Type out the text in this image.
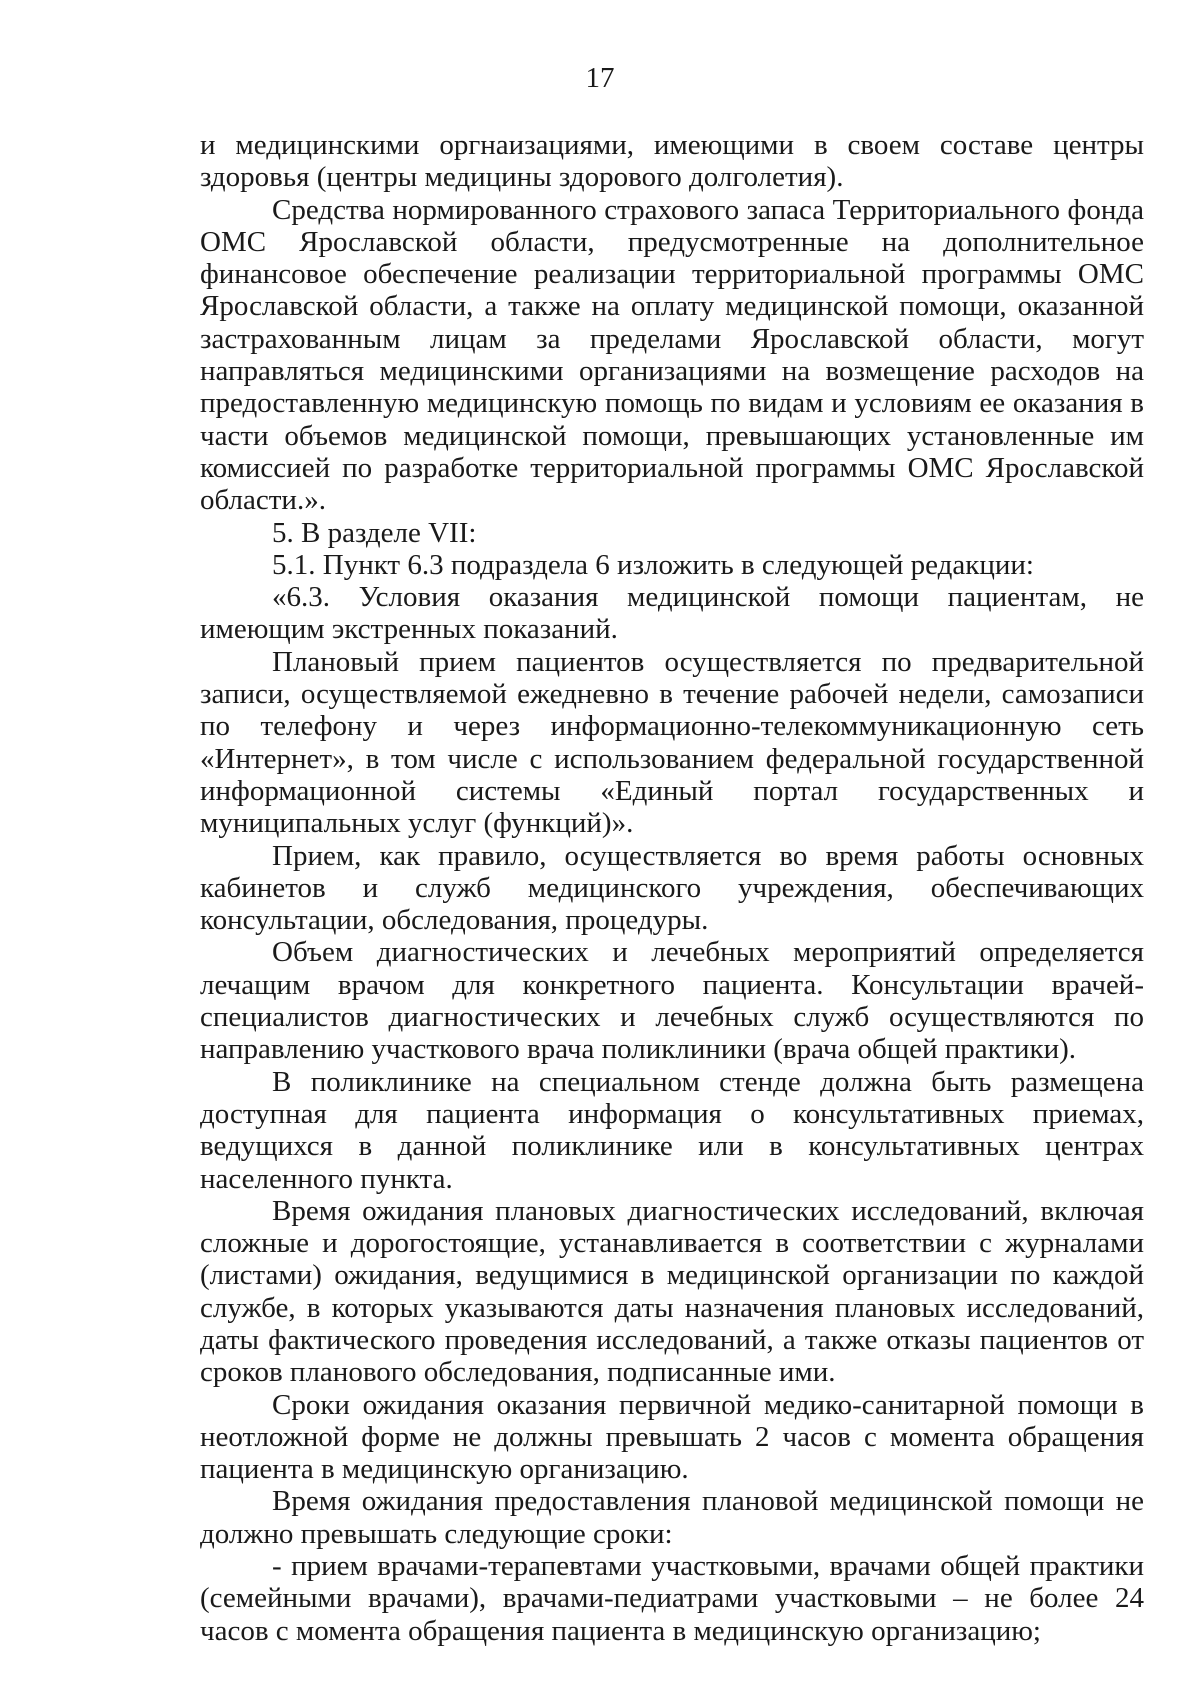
17

и медицинскими оргнаизациями, имеющими в своем составе центры здоровья (центры медицины здорового долголетия).

Средства нормированного страхового запаса Территориального фонда ОМС Ярославской области, предусмотренные на дополнительное финансовое обеспечение реализации территориальной программы ОМС Ярославской области, а также на оплату медицинской помощи, оказанной застрахованным лицам за пределами Ярославской области, могут направляться медицинскими организациями на возмещение расходов на предоставленную медицинскую помощь по видам и условиям ее оказания в части объемов медицинской помощи, превышающих установленные им комиссией по разработке территориальной программы ОМС Ярославской области.».

5. В разделе VII:

5.1. Пункт 6.3 подраздела 6 изложить в следующей редакции:

«6.3. Условия оказания медицинской помощи пациентам, не имеющим экстренных показаний.

Плановый прием пациентов осуществляется по предварительной записи, осуществляемой ежедневно в течение рабочей недели, самозаписи по телефону и через информационно-телекоммуникационную сеть «Интернет», в том числе с использованием федеральной государственной информационной системы «Единый портал государственных и муниципальных услуг (функций)».

Прием, как правило, осуществляется во время работы основных кабинетов и служб медицинского учреждения, обеспечивающих консультации, обследования, процедуры.

Объем диагностических и лечебных мероприятий определяется лечащим врачом для конкретного пациента. Консультации врачей-специалистов диагностических и лечебных служб осуществляются по направлению участкового врача поликлиники (врача общей практики).

В поликлинике на специальном стенде должна быть размещена доступная для пациента информация о консультативных приемах, ведущихся в данной поликлинике или в консультативных центрах населенного пункта.

Время ожидания плановых диагностических исследований, включая сложные и дорогостоящие, устанавливается в соответствии с журналами (листами) ожидания, ведущимися в медицинской организации по каждой службе, в которых указываются даты назначения плановых исследований, даты фактического проведения исследований, а также отказы пациентов от сроков планового обследования, подписанные ими.

Сроки ожидания оказания первичной медико-санитарной помощи в неотложной форме не должны превышать 2 часов с момента обращения пациента в медицинскую организацию.

Время ожидания предоставления плановой медицинской помощи не должно превышать следующие сроки:

- прием врачами-терапевтами участковыми, врачами общей практики (семейными врачами), врачами-педиатрами участковыми – не более 24 часов с момента обращения пациента в медицинскую организацию;
